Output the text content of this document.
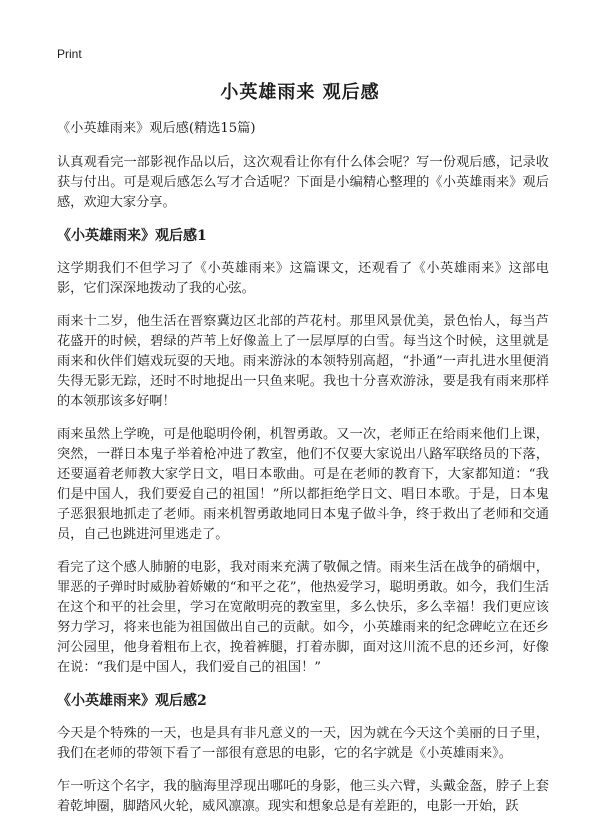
Print
小英雄雨来 观后感

《小英雄雨来》观后感(精选15篇)

认真观看完一部影视作品以后，这次观看让你有什么体会呢？写一份观后感，记录收获与付出。可是观后感怎么写才合适呢？下面是小编精心整理的《小英雄雨来》观后感，欢迎大家分享。

《小英雄雨来》观后感1

这学期我们不但学习了《小英雄雨来》这篇课文，还观看了《小英雄雨来》这部电影，它们深深地拨动了我的心弦。

雨来十二岁，他生活在晋察冀边区北部的芦花村。那里风景优美，景色怡人，每当芦花盛开的时候，碧绿的芦苇上好像盖上了一层厚厚的白雪。每当这个时候，这里就是雨来和伙伴们嬉戏玩耍的天地。雨来游泳的本领特别高超，“扑通”一声扎进水里便消失得无影无踪，还时不时地捉出一只鱼来呢。我也十分喜欢游泳，要是我有雨来那样的本领那该多好啊！

雨来虽然上学晚，可是他聪明伶俐，机智勇敢。又一次，老师正在给雨来他们上课，突然，一群日本鬼子举着枪冲进了教室，他们不仅要大家说出八路军联络员的下落，还要逼着老师教大家学日文，唱日本歌曲。可是在老师的教育下，大家都知道：“我们是中国人，我们要爱自己的祖国！”所以都拒绝学日文、唱日本歌。于是，日本鬼子恶狠狠地抓走了老师。雨来机智勇敢地同日本鬼子做斗争，终于救出了老师和交通员，自己也跳进河里逃走了。

看完了这个感人肺腑的电影，我对雨来充满了敬佩之情。雨来生活在战争的硝烟中，罪恶的子弹时时威胁着娇嫩的“和平之花”，他热爱学习，聪明勇敢。如今，我们生活在这个和平的社会里，学习在宽敞明亮的教室里，多么快乐，多么幸福！我们更应该努力学习，将来也能为祖国做出自己的贡献。如今，小英雄雨来的纪念碑屹立在还乡河公园里，他身着粗布上衣，挽着裤腿，打着赤脚，面对这川流不息的还乡河，好像在说：“我们是中国人，我们爱自己的祖国！”

《小英雄雨来》观后感2

今天是个特殊的一天，也是具有非凡意义的一天，因为就在今天这个美丽的日子里，我们在老师的带领下看了一部很有意思的电影，它的名字就是《小英雄雨来》。

乍一听这个名字，我的脑海里浮现出哪吒的身影，他三头六臂，头戴金盔，脖子上套着乾坤圈，脚踏风火轮，威风凛凛。现实和想象总是有差距的，电影一开始，跃
